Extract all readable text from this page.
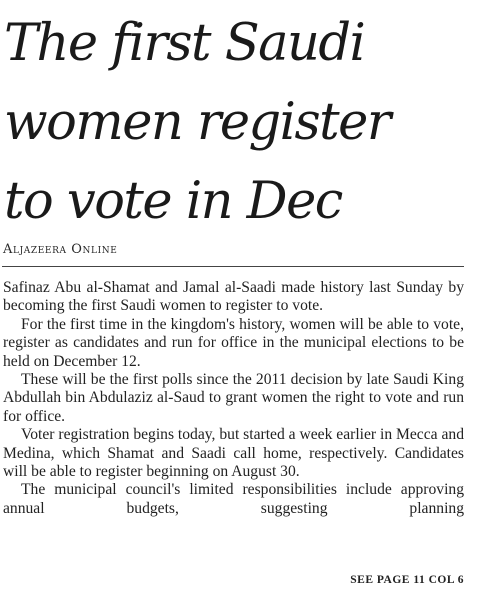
The first Saudi
women register
to vote in Dec
Aljazeera Online

Safinaz Abu al-Shamat and Jamal al-Saadi made history last Sunday by becoming the first Saudi women to register to vote.

For the first time in the kingdom's history, women will be able to vote, register as candidates and run for office in the municipal elections to be held on December 12.

These will be the first polls since the 2011 decision by late Saudi King Abdullah bin Abdulaziz al-Saud to grant women the right to vote and run for office.

Voter registration begins today, but started a week earlier in Mecca and Medina, which Shamat and Saadi call home, respectively. Candidates will be able to register beginning on August 30.

The municipal council's limited responsibilities include approving annual budgets, suggesting planning

SEE PAGE 11 COL 6
